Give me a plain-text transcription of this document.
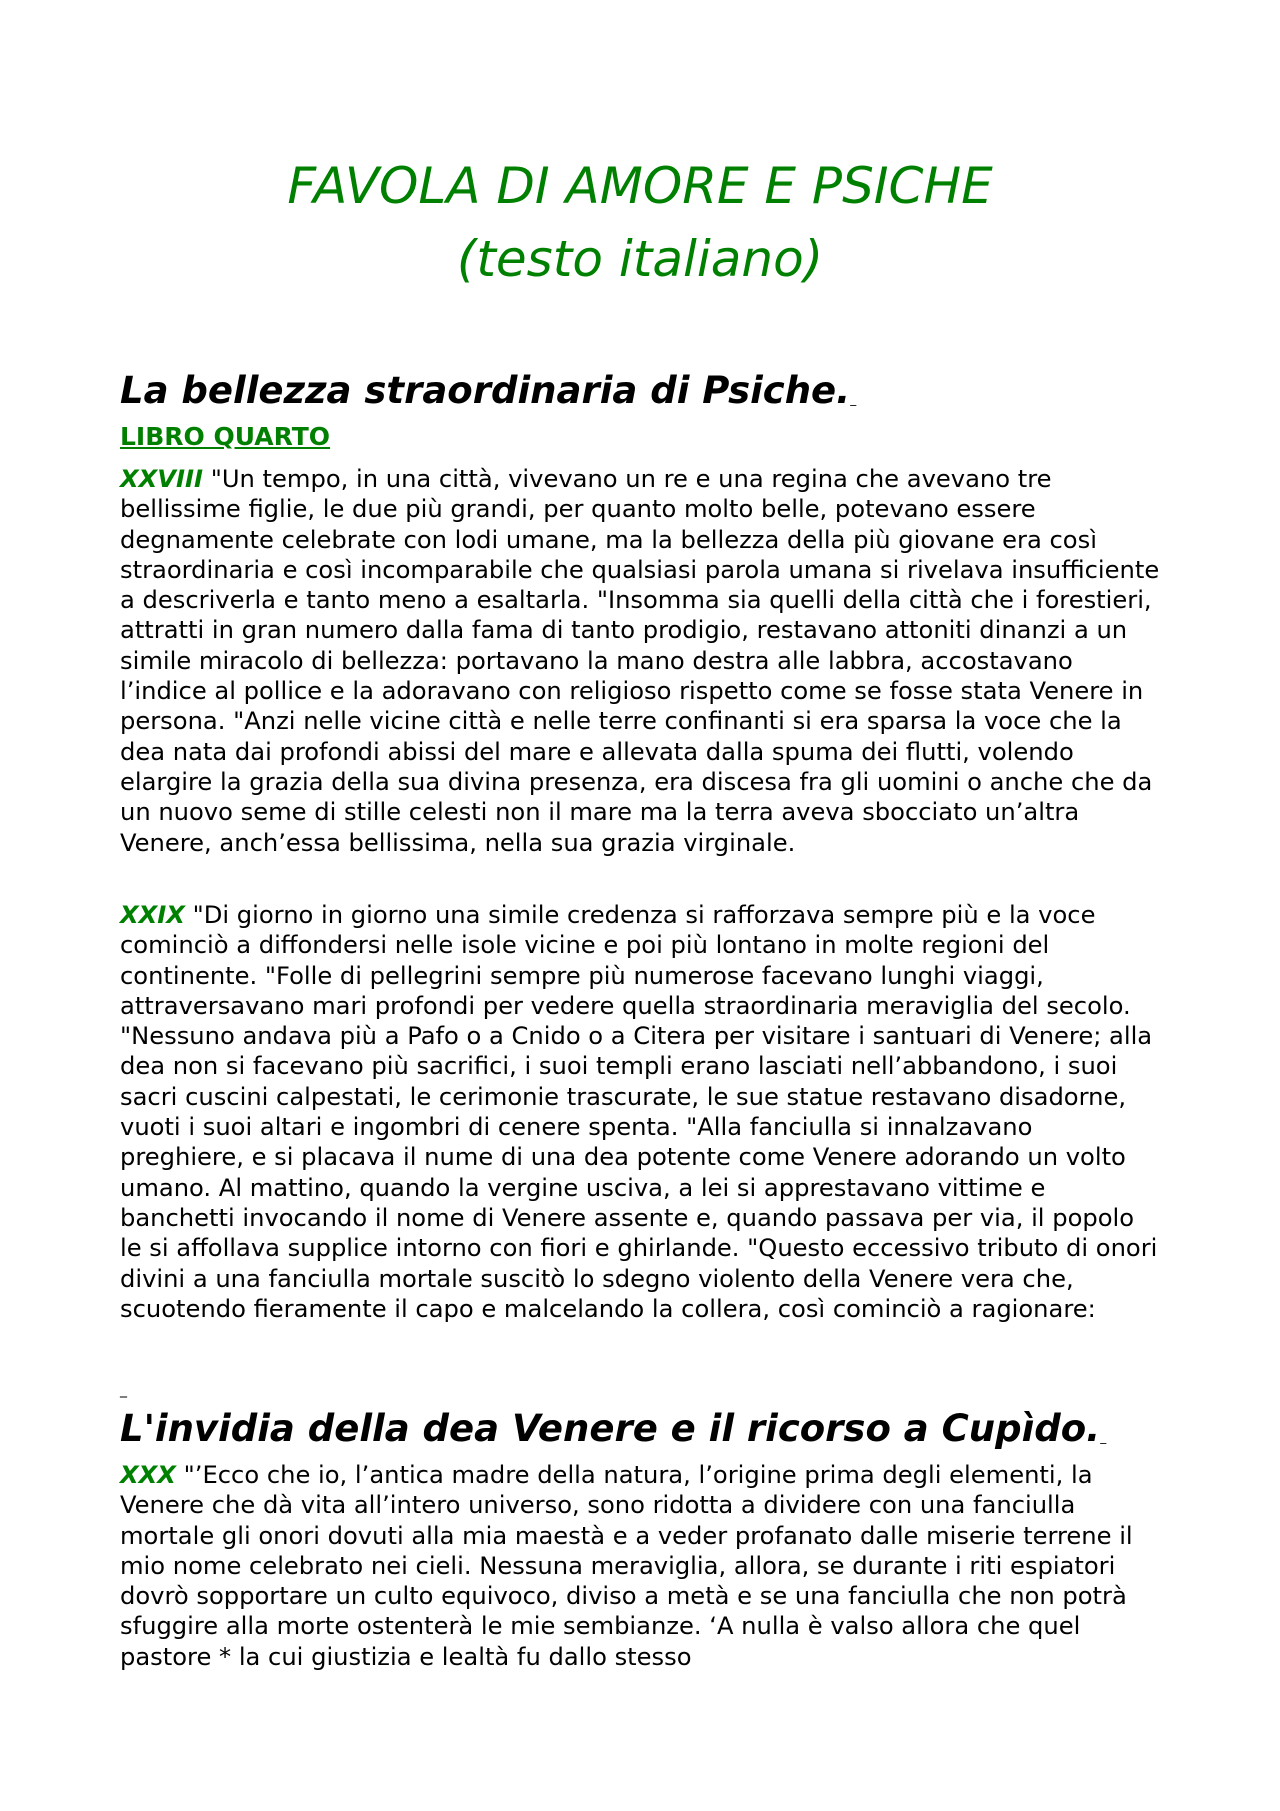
FAVOLA DI AMORE E PSICHE
(testo italiano)
La bellezza straordinaria di Psiche._
LIBRO QUARTO

XXVIII "Un tempo, in una città, vivevano un re e una regina che avevano tre bellissime figlie, le due più grandi, per quanto molto belle, potevano essere degnamente celebrate con lodi umane, ma la bellezza della più giovane era così straordinaria e così incomparabile che qualsiasi parola umana si rivelava insufficiente a descriverla e tanto meno a esaltarla. "Insomma sia quelli della città che i forestieri, attratti in gran numero dalla fama di tanto prodigio, restavano attoniti dinanzi a un simile miracolo di bellezza: portavano la mano destra alle labbra, accostavano l’indice al pollice e la adoravano con religioso rispetto come se fosse stata Venere in persona. "Anzi nelle vicine città e nelle terre confinanti si era sparsa la voce che la dea nata dai profondi abissi del mare e allevata dalla spuma dei flutti, volendo elargire la grazia della sua divina presenza, era discesa fra gli uomini o anche che da un nuovo seme di stille celesti non il mare ma la terra aveva sbocciato un’altra Venere, anch’essa bellissima, nella sua grazia virginale.

XXIX "Di giorno in giorno una simile credenza si rafforzava sempre più e la voce cominciò a diffondersi nelle isole vicine e poi più lontano in molte regioni del continente. "Folle di pellegrini sempre più numerose facevano lunghi viaggi, attraversavano mari profondi per vedere quella straordinaria meraviglia del secolo. "Nessuno andava più a Pafo o a Cnido o a Citera per visitare i santuari di Venere; alla dea non si facevano più sacrifici, i suoi templi erano lasciati nell’abbandono, i suoi sacri cuscini calpestati, le cerimonie trascurate, le sue statue restavano disadorne, vuoti i suoi altari e ingombri di cenere spenta. "Alla fanciulla si innalzavano preghiere, e si placava il nume di una dea potente come Venere adorando un volto umano. Al mattino, quando la vergine usciva, a lei si apprestavano vittime e banchetti invocando il nome di Venere assente e, quando passava per via, il popolo le si affollava supplice intorno con fiori e ghirlande. "Questo eccessivo tributo di onori divini a una fanciulla mortale suscitò lo sdegno violento della Venere vera che, scuotendo fieramente il capo e malcelando la collera, così cominciò a ragionare:

_
L'invidia della dea Venere e il ricorso a Cupìdo._

XXX "’Ecco che io, l’antica madre della natura, l’origine prima degli elementi, la Venere che dà vita all’intero universo, sono ridotta a dividere con una fanciulla mortale gli onori dovuti alla mia maestà e a veder profanato dalle miserie terrene il mio nome celebrato nei cieli. Nessuna meraviglia, allora, se durante i riti espiatori dovrò sopportare un culto equivoco, diviso a metà e se una fanciulla che non potrà sfuggire alla morte ostenterà le mie sembianze. ‘A nulla è valso allora che quel pastore * la cui giustizia e lealtà fu dallo stesso
